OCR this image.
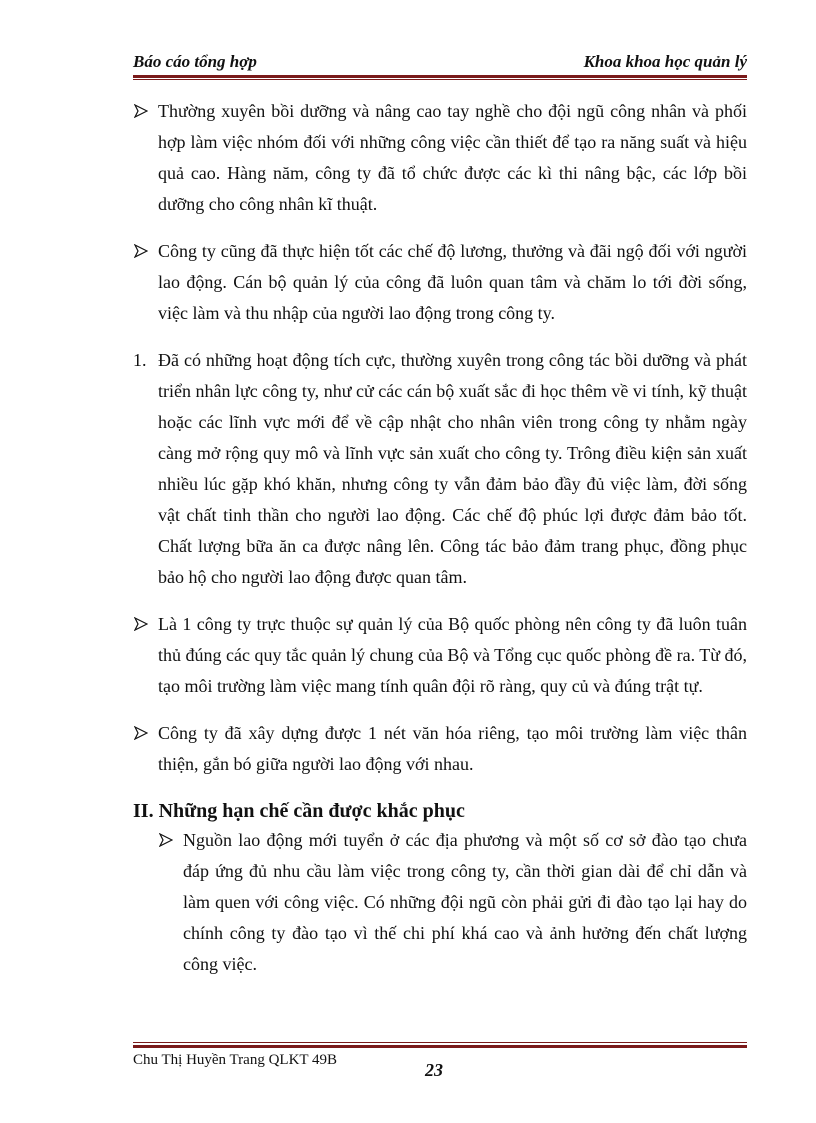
Báo cáo tổng hợp	Khoa khoa học quản lý
Thường xuyên bồi dưỡng và nâng cao tay nghề cho đội ngũ công nhân và phối hợp làm việc nhóm đối với những công việc cần thiết để tạo ra năng suất và hiệu quả cao. Hàng năm, công ty đã tổ chức được các kì thi nâng bậc, các lớp bồi dưỡng cho công nhân kĩ thuật.
Công ty cũng đã thực hiện tốt các chế độ lương, thưởng và đãi ngộ đối với người lao động. Cán bộ quản lý của công đã luôn quan tâm và chăm lo tới đời sống, việc làm và thu nhập của người lao động trong công ty.
1. Đã có những hoạt động tích cực, thường xuyên trong công tác bồi dưỡng và phát triển nhân lực công ty, như cử các cán bộ xuất sắc đi học thêm về vi tính, kỹ thuật hoặc các lĩnh vực mới để về cập nhật cho nhân viên trong công ty nhằm ngày càng mở rộng quy mô và lĩnh vực sản xuất cho công ty. Trông điều kiện sản xuất nhiều lúc gặp khó khăn, nhưng công ty vẫn đảm bảo đầy đủ việc làm, đời sống vật chất tinh thần cho người lao động. Các chế độ phúc lợi được đảm bảo tốt. Chất lượng bữa ăn ca được nâng lên. Công tác bảo đảm trang phục, đồng phục bảo hộ cho người lao động được quan tâm.
Là 1 công ty trực thuộc sự quản lý của Bộ quốc phòng nên công ty đã luôn tuân thủ đúng các quy tắc quản lý chung của Bộ và Tổng cục quốc phòng đề ra. Từ đó, tạo môi trường làm việc mang tính quân đội rõ ràng, quy củ và đúng trật tự.
Công ty đã xây dựng được 1 nét văn hóa riêng, tạo môi trường làm việc thân thiện, gắn bó giữa người lao động với nhau.
II. Những hạn chế cần được khắc phục
Nguồn lao động mới tuyển ở các địa phương và một số cơ sở đào tạo chưa đáp ứng đủ nhu cầu làm việc trong công ty, cần thời gian dài để chỉ dẫn và làm quen với công việc. Có những đội ngũ còn phải gửi đi đào tạo lại hay do chính công ty đào tạo vì thế chi phí khá cao và ảnh hưởng đến chất lượng công việc.
Chu Thị Huyền Trang QLKT 49B	23
